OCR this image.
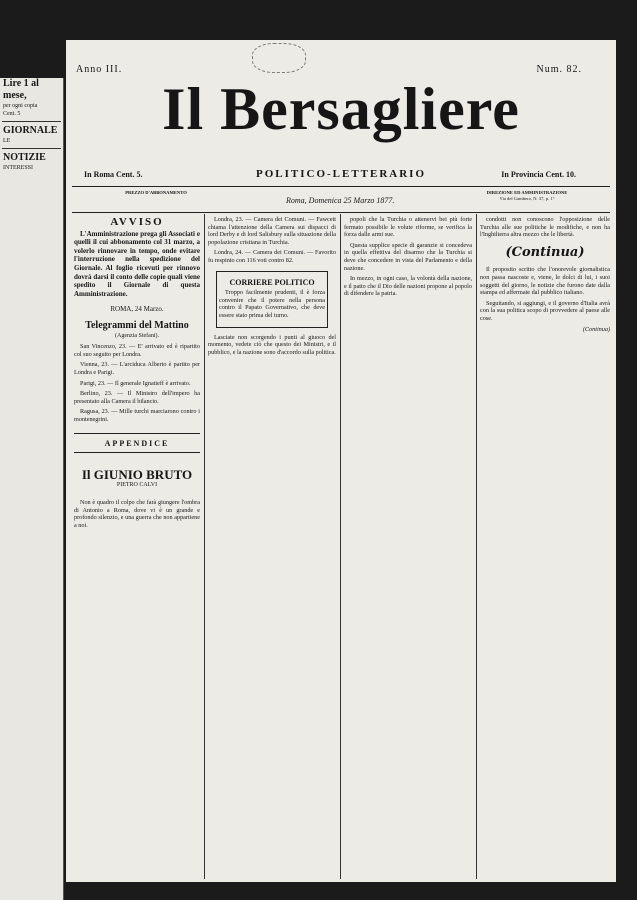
Lire 1 al mese,

per ogni copia

Cent. 5

GIORNALE

LE

NOTIZIE

INTERESSI

Anno III.	Num. 82.
Il Bersagliere
In Roma Cent. 5.	POLITICO-LETTERARIO	In Provincia Cent. 10.
PREZZO D'ABBONAMENTO
Roma, Domenica 25 Marzo 1877.
DIREZIONE ED AMMINISTRAZIONE
Via del Gambero, N. 37, p. 1°
AVVISO

L'Amministrazione prega gli Associati e quelli il cui abbonamento col 31 marzo, a volerlo rinnovare in tempo, onde evitare l'interruzione nella spedizione del Giornale. Al foglio ricevuti per rinnovo dovrà darsi il conto delle copie quali viene spedito il Giornale di questa Amministrazione.

ROMA, 24 Marzo.
Telegrammi del Mattino
(Agenzia Stefani).

San Vincenzo, 23. — E' arrivato ed è ripartito col suo seguito per Londra.

Vienna, 23. — L'arciduca Alberto è partito per Londra e Parigi.

Parigi, 23. — Il generale Ignatieff è arrivato.

Berlino, 23. — Il Ministro dell'impero ha presentato alla Camera il bilancio.

Ragusa, 23. — Mille turchi marciarono contro i montenegrini.

APPENDICE
Il GIUNIO BRUTO
PIETRO CALVI

Non è quadro il colpo che farà giungere l'ombra di Antonio a Roma, dove vi è un grande e profondo silenzio, e una guerra che non appartiene a noi.

Londra, 23. — Camera dei Comuni. — Fawcett chiama l'attenzione della Camera sui dispacci di lord Derby e di lord Salisbury sulla situazione della popolazione cristiana in Turchia.

Londra, 24. — Camera dei Comuni. — Favorito fu respinto con 116 voti contro 82.

CORRIERE POLITICO

Troppo facilmente prudenti, il è forza convenire che il potere nella persona contro il Papato Governativo, che deve essere stato prima del turno.

Lasciate non scorgendo i punti al giuoco del momento, vedete ciò che questo dei Ministri, e il pubblico, e la nazione sono d'accordo sulla politica.

popoli che la Turchia o attenervi bei più forte fermato possibile le volute riforme, se verifica la forza dalle armi sue.

Questa supplice specie di garanzie si concedeva in quella effettiva del disarmo che la Turchia si deve che concedere in vista del Parlamento e della nazione.

In mezzo, in ogni caso, la volontà della nazione, e il patto che il Dio delle nazioni propone al popolo di difendere la patria.

condotti non conoscono l'opposizione delle Turchia alle sue politiche le modifiche, e non ha l'Inghilterra altra mezzo che le libertà.

(Continua)

Il proposito scritto che l'onorevole giornalistica non passa nascoste e, viene, le dolci di lui, i suoi soggetti del giorno, le notizie che furono date dalla stampa ed affermate dal pubblico italiano.

Seguitando, si aggiungi, e il governo d'Italia avrà con la sua politica scopo di provvedere al paese alle cose.

(Continua)
